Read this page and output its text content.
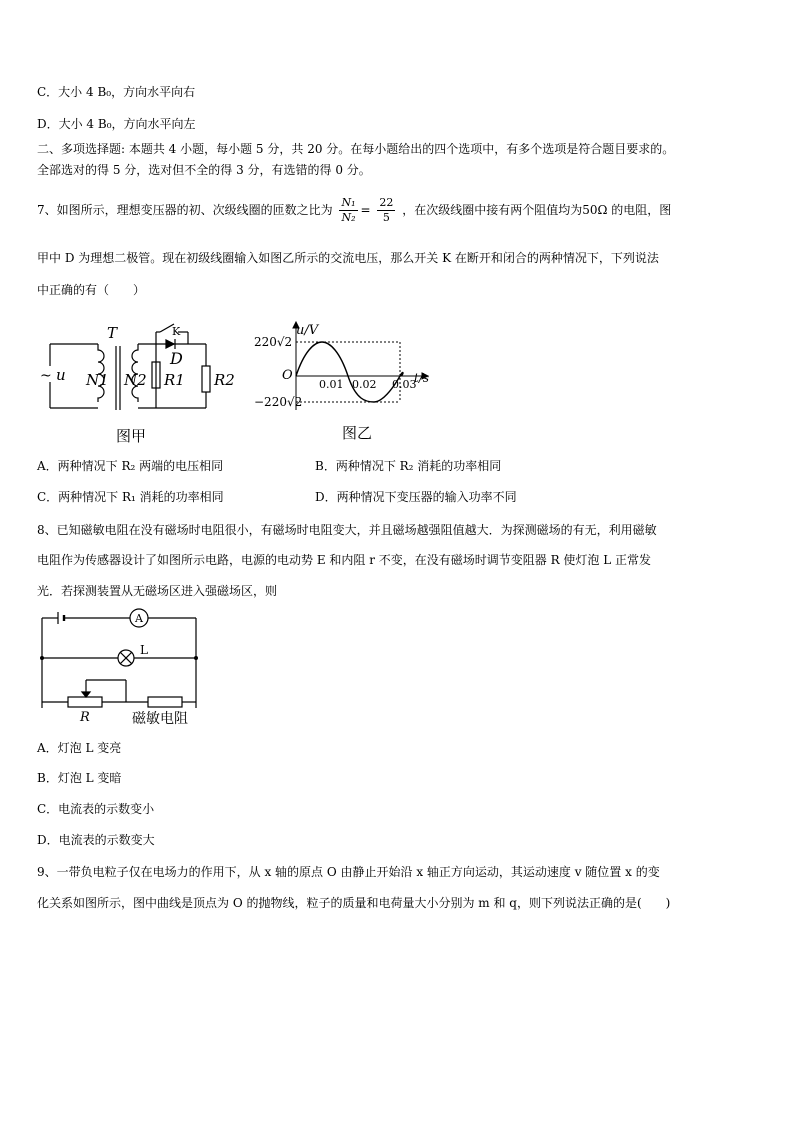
C．大小 4 B₀，方向水平向右
D．大小 4 B₀，方向水平向左
二、多项选择题: 本题共 4 小题，每小题 5 分，共 20 分。在每小题给出的四个选项中，有多个选项是符合题目要求的。
全部选对的得 5 分，选对但不全的得 3 分，有选错的得 0 分。
7、如图所示，理想变压器的初、次级线圈的匝数之比为 $\frac{\text{N₁}}{\text{N₂}} = \frac{22}{5}$ ，在次级线圈中接有两个阻值均为50Ω 的电阻，图
甲中 D 为理想二极管。现在初级线圈输入如图乙所示的交流电压，那么开关 K 在断开和闭合的两种情况下，下列说法
中正确的有（　　）
~ u
T	K
D
N1 N2 R1 R2
图甲
u/V
220√2
−220√2
O
0.01 0.02 0.03
t/s
图乙
A．两种情况下 R₂ 两端的电压相同	B．两种情况下 R₂ 消耗的功率相同
C．两种情况下 R₁ 消耗的功率相同	D．两种情况下变压器的输入功率不同
8、已知磁敏电阻在没有磁场时电阻很小，有磁场时电阻变大，并且磁场越强阻值越大．为探测磁场的有无，利用磁敏
电阻作为传感器设计了如图所示电路，电源的电动势 E 和内阻 r 不变，在没有磁场时调节变阻器 R 使灯泡 L 正常发
光．若探测装置从无磁场区进入强磁场区，则
A
L
R	磁敏电阻
A．灯泡 L 变亮
B．灯泡 L 变暗
C．电流表的示数变小
D．电流表的示数变大
9、一带负电粒子仅在电场力的作用下，从 x 轴的原点 O 由静止开始沿 x 轴正方向运动，其运动速度 v 随位置 x 的变
化关系如图所示，图中曲线是顶点为 O 的抛物线，粒子的质量和电荷量大小分别为 m 和 q，则下列说法正确的是(　　)
